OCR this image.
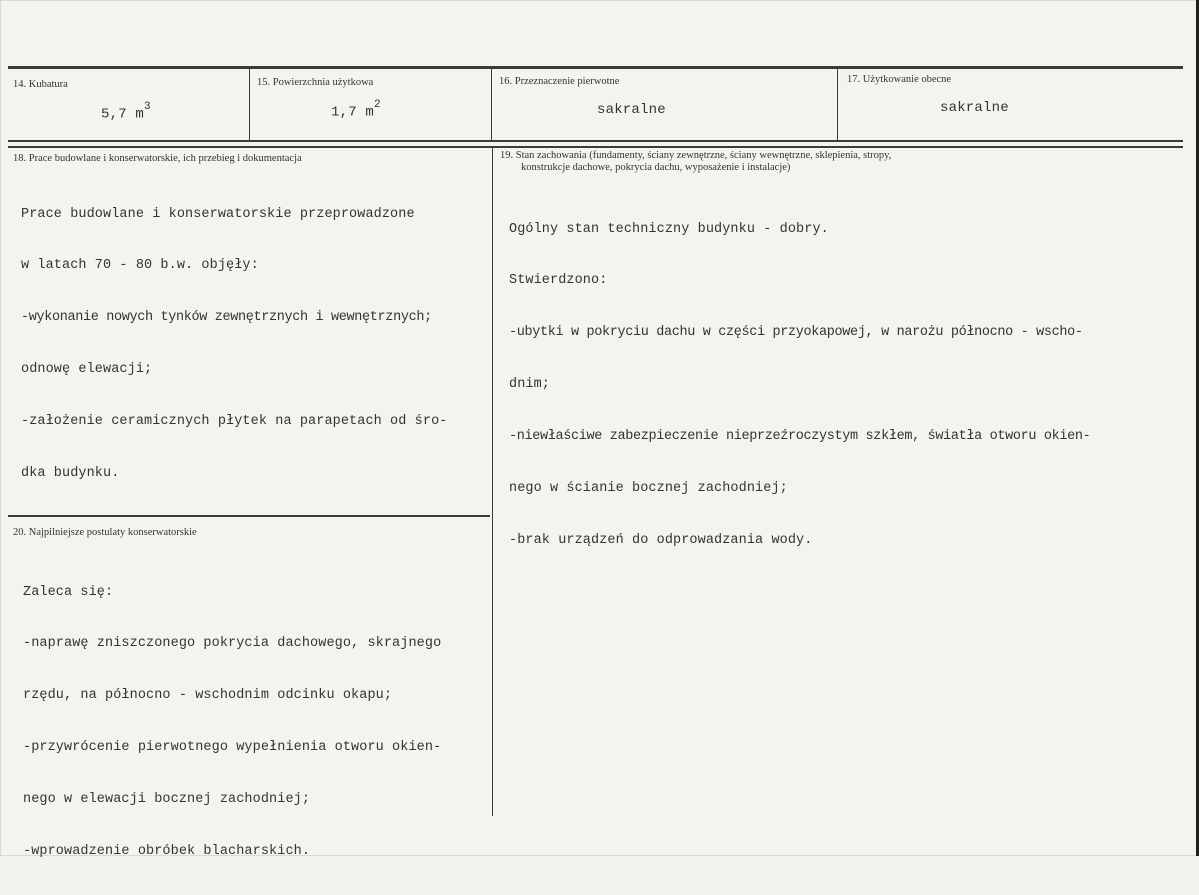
14. Kubatura
5,7 $m^3$
15. Powierzchnia użytkowa
1,7 $m^2$
16. Przeznaczenie pierwotne
sakralne
17. Użytkowanie obecne
sakralne
18. Prace budowlane i konserwatorskie, ich przebieg i dokumentacja

Prace budowlane i konserwatorskie przeprowadzone

w latach 70 - 80 b.w. objęły:

-wykonanie nowych tynków zewnętrznych i wewnętrznych;

odnowę elewacji;

-założenie ceramicznych płytek na parapetach od śro-

dka budynku.

19. Stan zachowania (fundamenty, ściany zewnętrzne, ściany wewnętrzne, sklepienia, stropy,
konstrukcje dachowe, pokrycia dachu, wyposażenie i instalacje)

Ogólny stan techniczny budynku - dobry.

Stwierdzono:

-ubytki w pokryciu dachu w części przyokapowej, w narożu północno - wscho-

dnim;

-niewłaściwe zabezpieczenie nieprzeźroczystym szkłem, światła otworu okien-

nego w ścianie bocznej zachodniej;

-brak urządzeń do odprowadzania wody.

20. Najpilniejsze postulaty konserwatorskie

Zaleca się:

-naprawę zniszczonego pokrycia dachowego, skrajnego

rzędu, na północno - wschodnim odcinku okapu;

-przywrócenie pierwotnego wypełnienia otworu okien-

nego w elewacji bocznej zachodniej;

-wprowadzenie obróbek blacharskich.
